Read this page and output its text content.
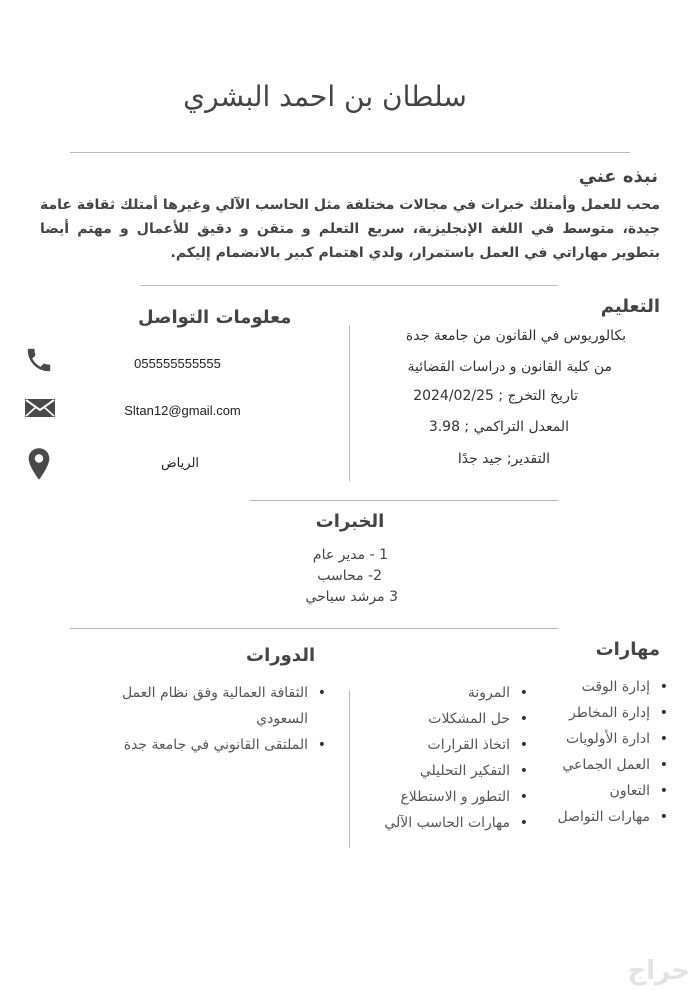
سلطان بن احمد البشري
نبذه عني
محب للعمل وأمتلك خبرات في مجالات مختلفة مثل الحاسب الآلي وغيرها أمتلك ثقافة عامة جيدة، متوسط في اللغة الإنجليزية، سريع التعلم و متقن و دقيق للأعمال و مهتم أيضا بتطوير مهاراتي في العمل باستمرار، ولدي اهتمام كبير بالانضمام إليكم.
التعليم
بكالوريوس في القانون من جامعة جدة
من كلية القانون و دراسات القضائية
تاريخ التخرج ; 2024/02/25
المعدل التراكمي ; 3.98
التقدير; جيد جدًا
معلومات التواصل
055555555555
Sltan12@gmail.com
الرياض
الخبرات
1 - مدير عام
2- محاسب
3 مرشد سياحي
مهارات
• إدارة الوقت
• إدارة المخاطر
• ادارة الأولويات
• العمل الجماعي
• التعاون
• مهارات التواصل
• المرونة
• حل المشكلات
• اتخاذ القرارات
• التفكير التحليلي
• التطور و الاستطلاع
• مهارات الحاسب الآلي
الدورات
• الثقافة العمالية وفق نظام العمل السعودي
• الملتقى القانوني في جامعة جدة
حراج
